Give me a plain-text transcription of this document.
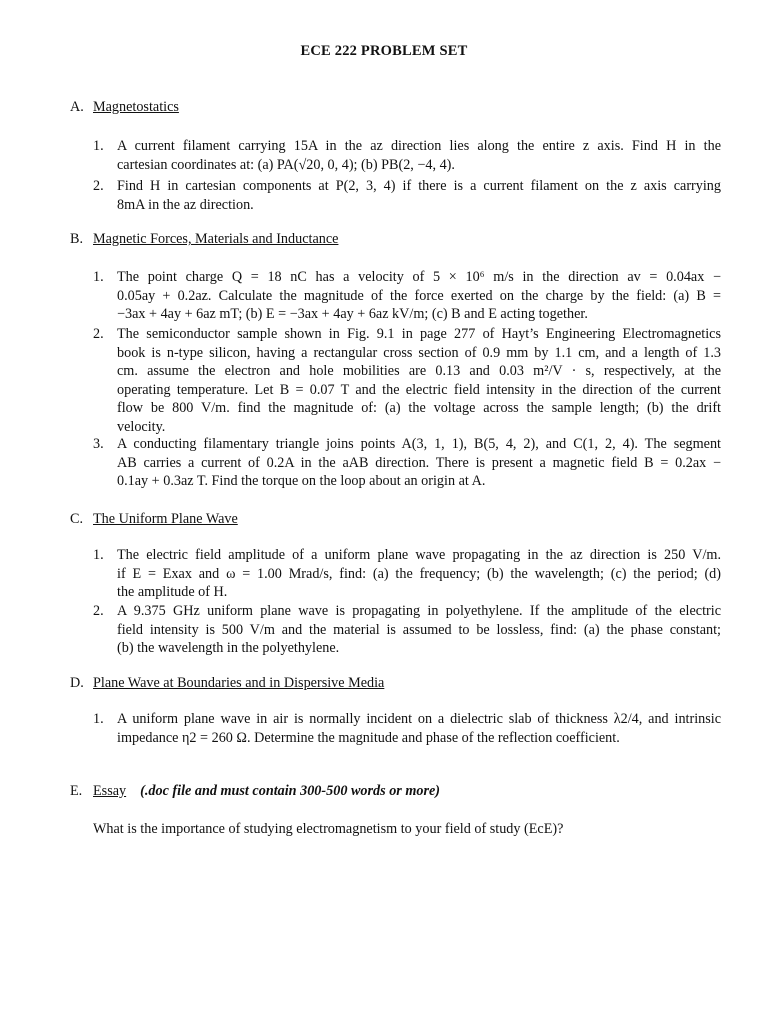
ECE 222 PROBLEM SET
A. Magnetostatics
1. A current filament carrying 15A in the az direction lies along the entire z axis. Find H in the
cartesian coordinates at: (a) PA(√20, 0, 4); (b) PB(2, −4, 4).
2. Find H in cartesian components at P(2, 3, 4) if there is a current filament on the z axis carrying
8mA in the az direction.
B. Magnetic Forces, Materials and Inductance
1. The point charge Q = 18 nC has a velocity of 5 × 10⁶ m/s in the direction av = 0.04ax −
0.05ay + 0.2az. Calculate the magnitude of the force exerted on the charge by the field: (a) B =
−3ax + 4ay + 6az mT; (b) E = −3ax + 4ay + 6az kV/m; (c) B and E acting together.
2. The semiconductor sample shown in Fig. 9.1 in page 277 of Hayt’s Engineering Electromagnetics
book is n-type silicon, having a rectangular cross section of 0.9 mm by 1.1 cm, and a length of 1.3
cm. assume the electron and hole mobilities are 0.13 and 0.03 m²/V · s, respectively, at the
operating temperature. Let B = 0.07 T and the electric field intensity in the direction of the current
flow be 800 V/m. find the magnitude of: (a) the voltage across the sample length; (b) the drift
velocity.
3. A conducting filamentary triangle joins points A(3, 1, 1), B(5, 4, 2), and C(1, 2, 4). The segment
AB carries a current of 0.2A in the aAB direction. There is present a magnetic field B = 0.2ax −
0.1ay + 0.3az T. Find the torque on the loop about an origin at A.
C. The Uniform Plane Wave
1. The electric field amplitude of a uniform plane wave propagating in the az direction is 250 V/m.
if E = Exax and ω = 1.00 Mrad/s, find: (a) the frequency; (b) the wavelength; (c) the period; (d)
the amplitude of H.
2. A 9.375 GHz uniform plane wave is propagating in polyethylene. If the amplitude of the electric
field intensity is 500 V/m and the material is assumed to be lossless, find: (a) the phase constant;
(b) the wavelength in the polyethylene.
D. Plane Wave at Boundaries and in Dispersive Media
1. A uniform plane wave in air is normally incident on a dielectric slab of thickness λ2/4, and intrinsic
impedance η2 = 260 Ω. Determine the magnitude and phase of the reflection coefficient.
E. Essay (.doc file and must contain 300-500 words or more)
What is the importance of studying electromagnetism to your field of study (EcE)?
